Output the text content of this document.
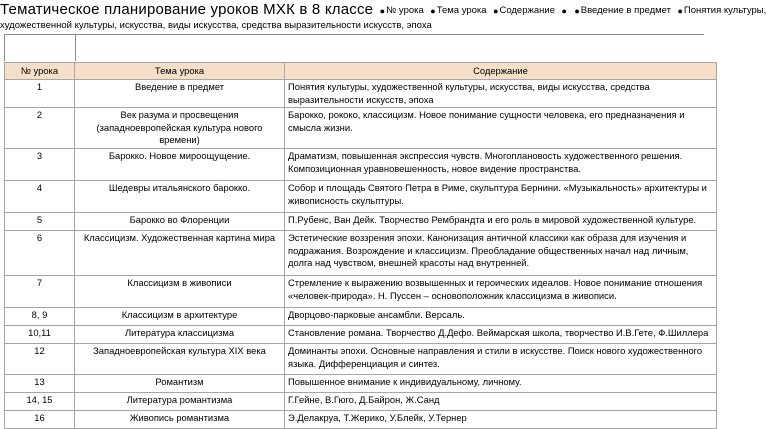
Тематическое планирование уроков МХК в 8 классе ●№ урока ●Тема урока ●Содержание ● ●Введение в предмет ●Понятия культуры,
художественной культуры, искусства, виды искусства, средства выразительности искусств, эпоха
№ урока	Тема урока	Содержание
1	Введение в предмет	Понятия культуры, художественной культуры, искусства, виды искусства, средства выразительности искусств, эпоха
2	Век разума и просвещения (западноевропейская культура нового времени)	Барокко, рококо, классицизм. Новое понимание сущности человека, его предназначения и смысла жизни.
3	Барокко. Новое мироощущение.	Драматизм, повышенная экспрессия чувств. Многоплановость художественного решения. Композиционная уравновешенность, новое видение пространства.
4	Шедевры итальянского барокко.	Собор и площадь Святого Петра в Риме, скульптура Бернини. «Музыкальность» архитектуры и живописность скульптуры.
5	Барокко во Флоренции	П.Рубенс, Ван Дейк. Творчество Рембрандта и его роль в мировой художественной культуре.
6	Классицизм. Художественная картина мира	Эстетические воззрения эпохи. Канонизация античной классики как образа для изучения и подражания. Возрождение и классицизм. Преобладание общественных начал над личным, долга над чувством, внешней красоты над внутренней.
7	Классицизм в живописи	Стремление к выражению возвышенных и героических идеалов. Новое понимание отношения «человек-природа». Н. Пуссен – основоположник классицизма в живописи.
8, 9	Классицизм в архитектуре	Дворцово-парковые ансамбли. Версаль.
10,11	Литература классицизма	Становление романа. Творчество Д.Дефо. Веймарская школа, творчество И.В.Гете, Ф.Шиллера
12	Западноевропейская культура XIX века	Доминанты эпохи. Основные направления и стили в искусстве. Поиск нового художественного языка. Дифференциация и синтез.
13	Романтизм	Повышенное внимание к индивидуальному, личному.
14, 15	Литература романтизма	Г.Гейне, В.Гюго, Д.Байрон, Ж.Санд
16	Живопись романтизма	Э.Делакруа, Т.Жерико, У.Блейк, У.Тернер
